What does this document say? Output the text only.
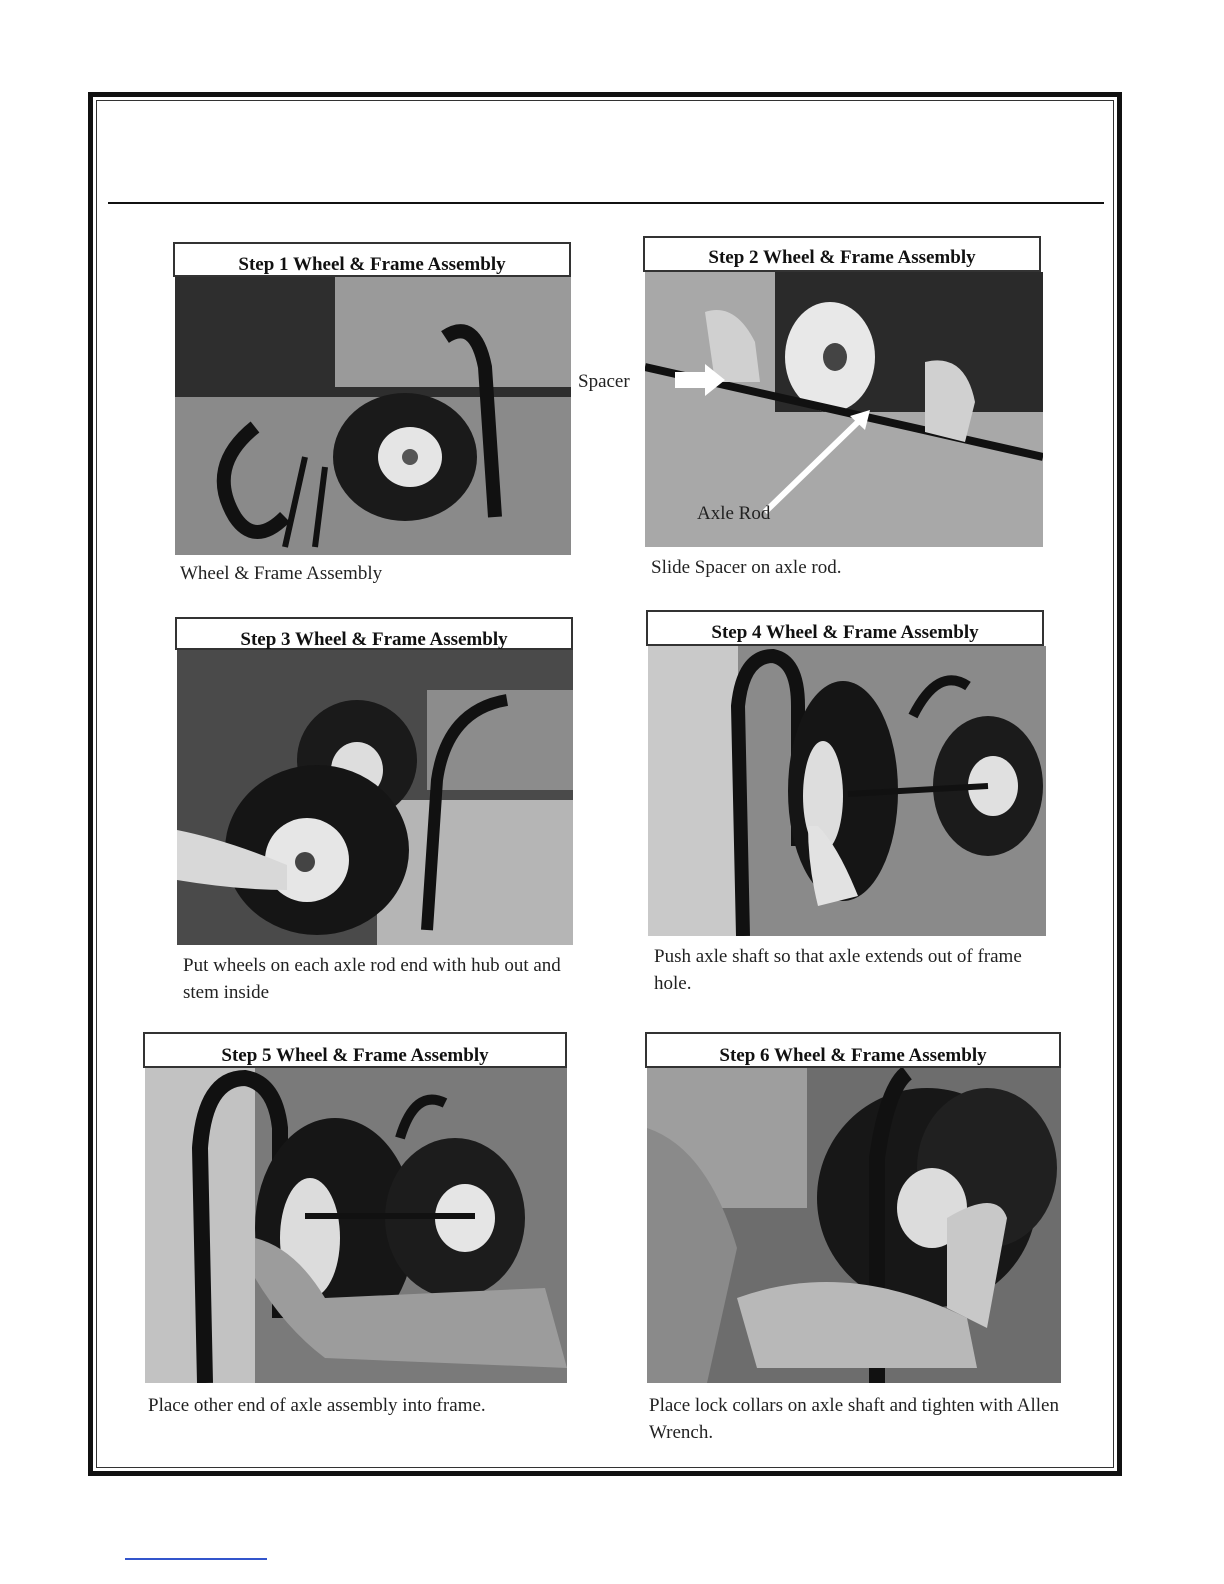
Step 1 Wheel & Frame Assembly
Wheel & Frame Assembly
Step 2 Wheel & Frame Assembly
Spacer
Axle Rod
Slide Spacer on axle rod.
Step 3 Wheel & Frame Assembly
Put wheels on each axle rod end with hub out and stem inside
Step 4 Wheel & Frame Assembly
Push axle shaft so that axle extends out of frame hole.
Step 5 Wheel & Frame Assembly
Place other end of axle assembly into frame.
Step 6 Wheel & Frame Assembly
Place lock collars on axle shaft and tighten with Allen Wrench.
